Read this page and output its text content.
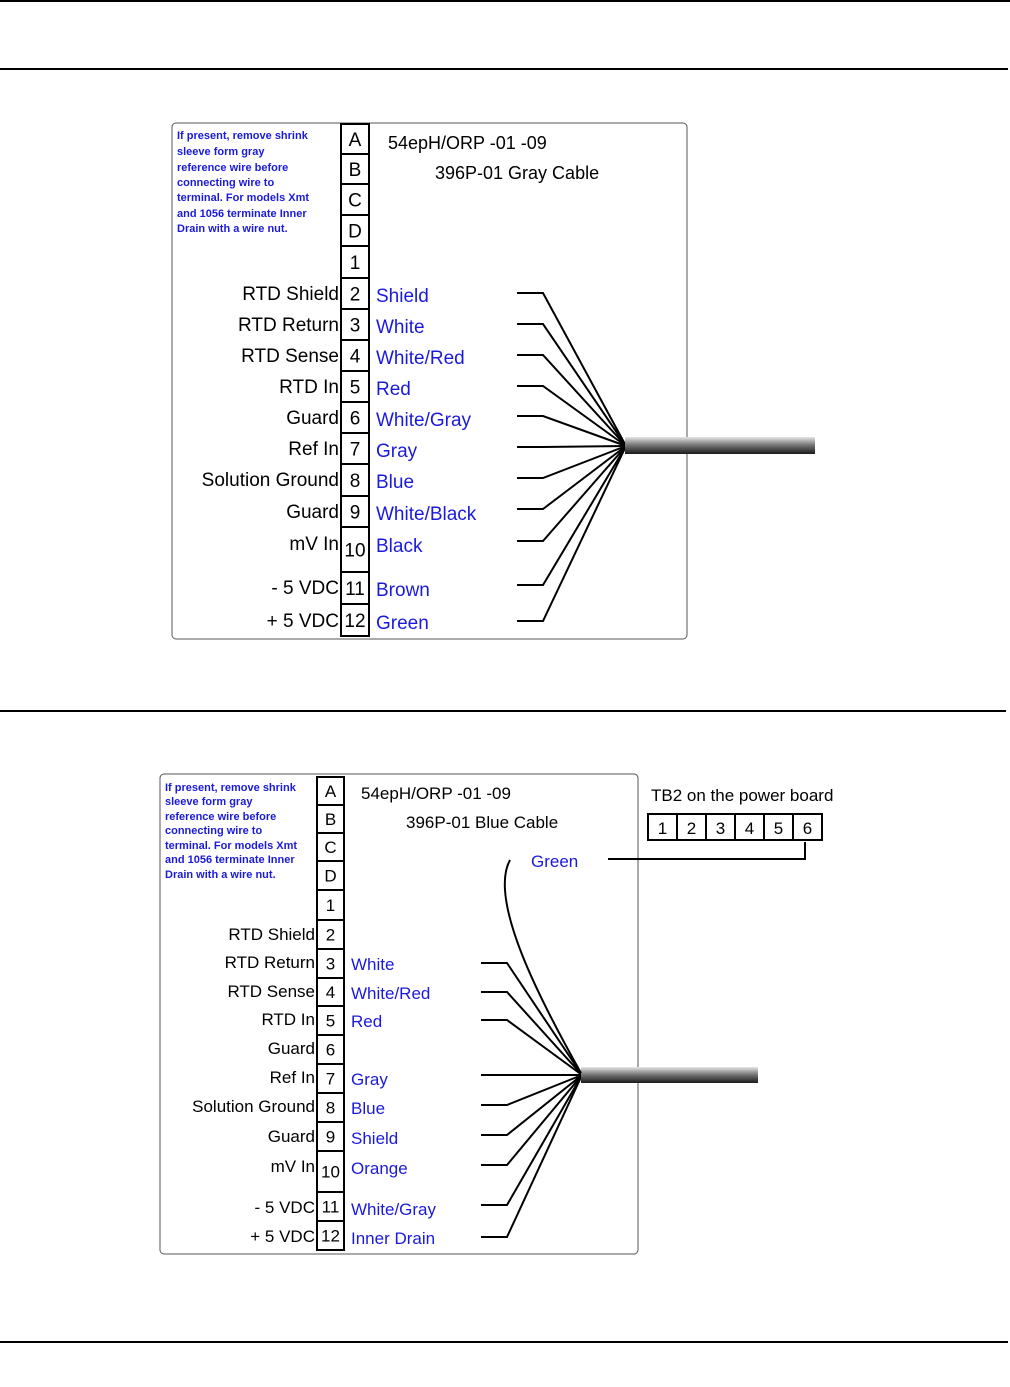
If present, remove shrink sleeve form gray reference wire before connecting wire to terminal. For models Xmt and 1056 terminate Inner Drain with a wire nut.
54epH/ORP -01 -09
396P-01 Gray Cable
A
B
C
D
1
2
3
4
5
6
7
8
9
10
11
12
RTD Shield
RTD Return
RTD Sense
RTD In
Guard
Ref In
Solution Ground
Guard
mV In
- 5 VDC
+ 5 VDC
Shield
White
White/Red
Red
White/Gray
Gray
Blue
White/Black
Black
Brown
Green
If present, remove shrink sleeve form gray reference wire before connecting wire to terminal. For models Xmt and 1056 terminate Inner Drain with a wire nut.
54epH/ORP -01 -09
396P-01 Blue Cable
A
B
C
D
1
2
3
4
5
6
7
8
9
10
11
12
RTD Shield
RTD Return
RTD Sense
RTD In
Guard
Ref In
Solution Ground
Guard
mV In
- 5 VDC
+ 5 VDC
White
White/Red
Red
Gray
Blue
Shield
Orange
White/Gray
Inner Drain
TB2 on the power board
1 2 3 4 5 6
Green
